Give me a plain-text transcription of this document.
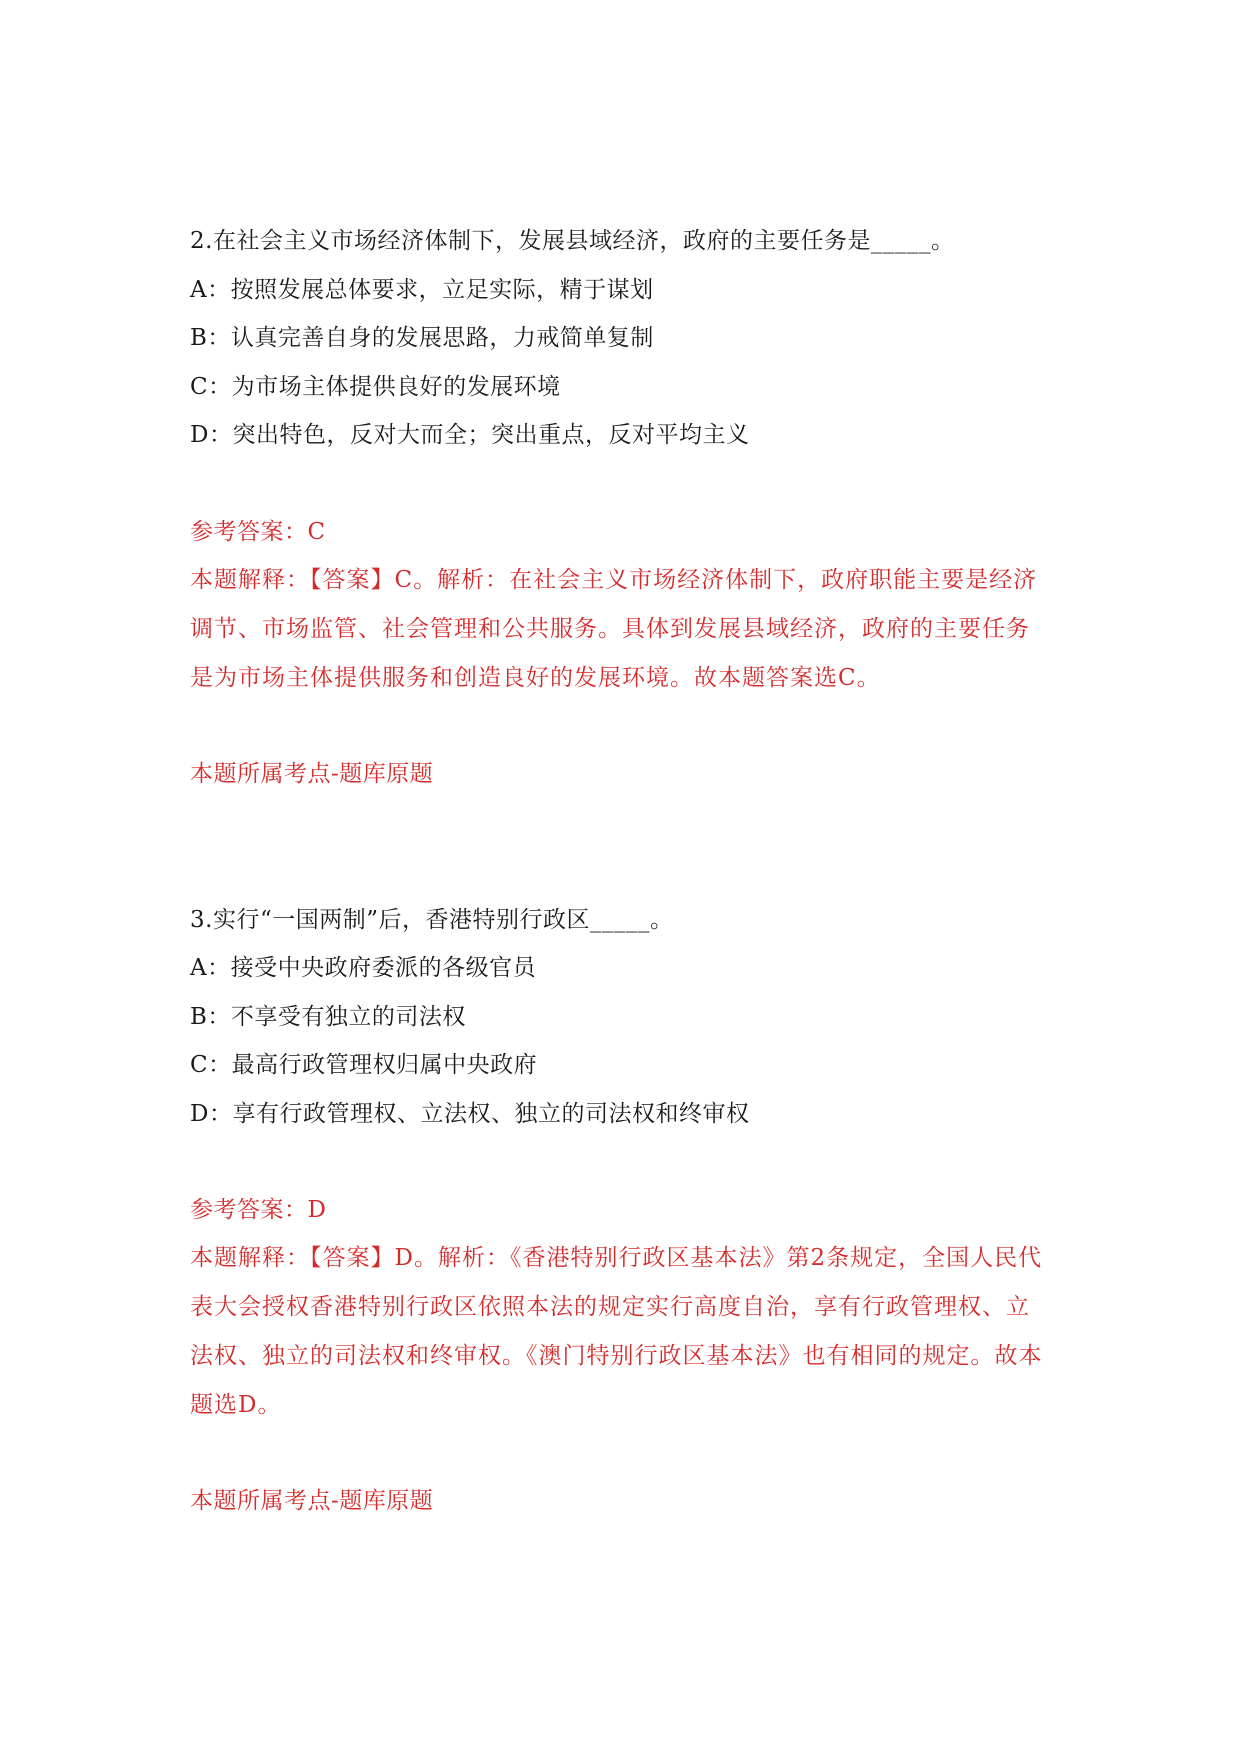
2.在社会主义市场经济体制下，发展县域经济，政府的主要任务是_____。

A：按照发展总体要求，立足实际，精于谋划

B：认真完善自身的发展思路，力戒简单复制

C：为市场主体提供良好的发展环境

D：突出特色，反对大而全；突出重点，反对平均主义

参考答案：C

本题解释：【答案】C。解析：在社会主义市场经济体制下，政府职能主要是经济调节、市场监管、社会管理和公共服务。具体到发展县域经济，政府的主要任务是为市场主体提供服务和创造良好的发展环境。故本题答案选C。

本题所属考点-题库原题

3.实行“一国两制”后，香港特别行政区_____。

A：接受中央政府委派的各级官员

B：不享受有独立的司法权

C：最高行政管理权归属中央政府

D：享有行政管理权、立法权、独立的司法权和终审权

参考答案：D

本题解释：【答案】D。解析：《香港特别行政区基本法》第2条规定，全国人民代表大会授权香港特别行政区依照本法的规定实行高度自治，享有行政管理权、立法权、独立的司法权和终审权。《澳门特别行政区基本法》也有相同的规定。故本题选D。

本题所属考点-题库原题
